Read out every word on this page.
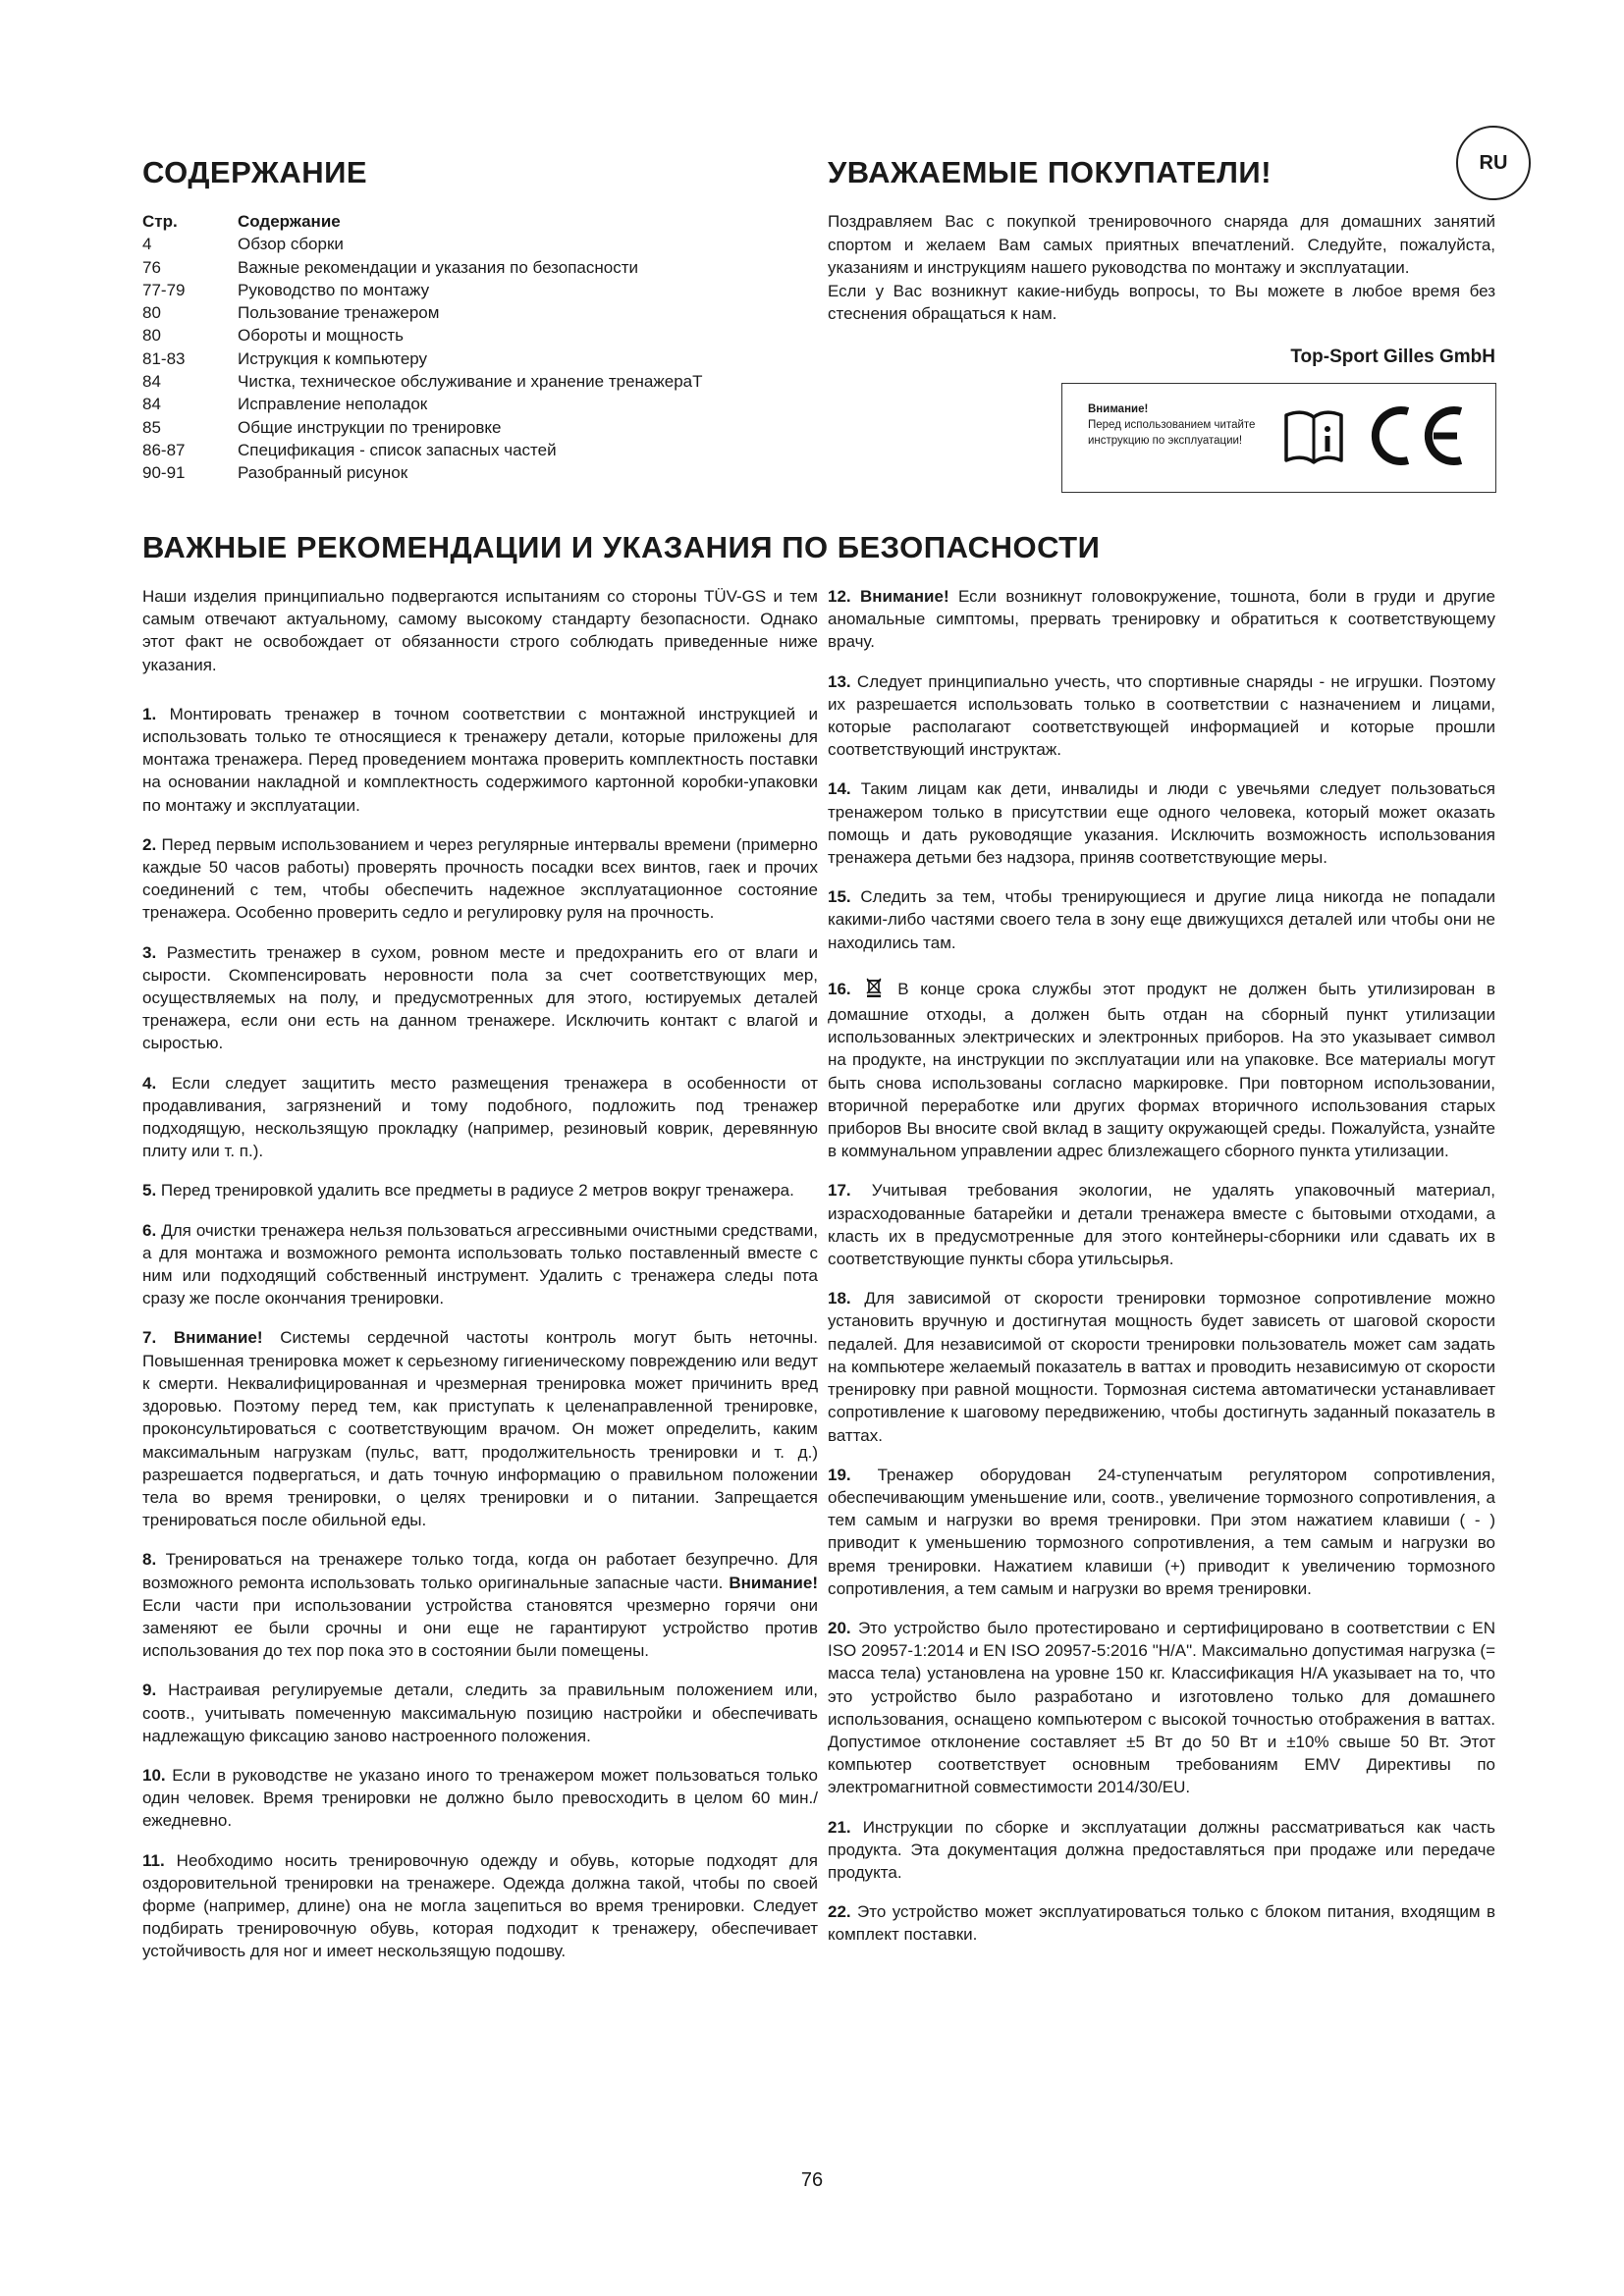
СОДЕРЖАНИЕ
Стр.	Содержание
4	Обзор сборки
76	Важные рекомендации и указания по безопасности
77-79	Руководство по монтажу
80	Пользование тренажером
80	Обороты и мощность
81-83	Иструкция к компьютеру
84	Чистка, техническое обслуживание и хранение тренажераТ
84	Исправление неполадок
85	Общие инструкции по тренировке
86-87	Спецификация - список запасных частей
90-91	Разобранный рисунок
УВАЖАЕМЫЕ ПОКУПАТЕЛИ!	RU
Поздравляем Вас с покупкой тренировочного снаряда для домашних занятий спортом и желаем Вам самых приятных впечатлений. Следуйте, пожалуйста, указаниям и инструкциям нашего руководства по монтажу и эксплуатации.
Если у Вас возникнут какие-нибудь вопросы, то Вы можете в любое время без стеснения обращаться к нам.
Top-Sport Gilles GmbH
Внимание!
Перед использованием читайте инструкцию по эксплуатации!
ВАЖНЫЕ РЕКОМЕНДАЦИИ И УКАЗАНИЯ ПО БЕЗОПАСНОСТИ

Наши изделия принципиально подвергаются испытаниям со стороны TÜV-GS и тем самым отвечают актуальному, самому высокому стандарту безопасности. Однако этот факт не освобождает от обязанности строго соблюдать приведенные ниже указания.

1. Монтировать тренажер в точном соответствии с монтажной инструкцией и использовать только те относящиеся к тренажеру детали, которые приложены для монтажа тренажера. Перед проведением монтажа проверить комплектность поставки на основании накладной и комплектность содержимого картонной коробки-упаковки по монтажу и эксплуатации.

2. Перед первым использованием и через регулярные интервалы времени (примерно каждые 50 часов работы) проверять прочность посадки всех винтов, гаек и прочих соединений с тем, чтобы обеспечить надежное эксплуатационное состояние тренажера. Особенно проверить седло и регулировку руля на прочность.

3. Разместить тренажер в сухом, ровном месте и предохранить его от влаги и сырости. Скомпенсировать неровности пола за счет соответствующих мер, осуществляемых на полу, и предусмотренных для этого, юстируемых деталей тренажера, если они есть на данном тренажере. Исключить контакт с влагой и сыростью.

4. Если следует защитить место размещения тренажера в особенности от продавливания, загрязнений и тому подобного, подложить под тренажер подходящую, нескользящую прокладку (например, резиновый коврик, деревянную плиту или т. п.).

5. Перед тренировкой удалить все предметы в радиусе 2 метров вокруг тренажера.

6. Для очистки тренажера нельзя пользоваться агрессивными очистными средствами, а для монтажа и возможного ремонта использовать только поставленный вместе с ним или подходящий собственный инструмент. Удалить с тренажера следы пота сразу же после окончания тренировки.

7. Внимание! Системы сердечной частоты контроль могут быть неточны. Повышенная тренировка может к серьезному гигиеническому повреждению или ведут к смерти. Неквалифицированная и чрезмерная тренировка может причинить вред здоровью. Поэтому перед тем, как приступать к целенаправленной тренировке, проконсультироваться с соответствующим врачом. Он может определить, каким максимальным нагрузкам (пульс, ватт, продолжительность тренировки и т. д.) разрешается подвергаться, и дать точную информацию о правильном положении тела во время тренировки, о целях тренировки и о питании. Запрещается тренироваться после обильной еды.

8. Тренироваться на тренажере только тогда, когда он работает безупречно. Для возможного ремонта использовать только оригинальные запасные части. Внимание! Если части при использовании устройства становятся чрезмерно горячи они заменяют ее были срочны и они еще не гарантируют устройство против использования до тех пор пока это в состоянии были помещены.

9. Настраивая регулируемые детали, следить за правильным положением или, соотв., учитывать помеченную максимальную позицию настройки и обеспечивать надлежащую фиксацию заново настроенного положения.

10. Если в руководстве не указано иного то тренажером может пользоваться только один человек. Время тренировки не должно было превосходить в целом 60 мин./ежедневно.

11. Необходимо носить тренировочную одежду и обувь, которые подходят для оздоровительной тренировки на тренажере. Одежда должна такой, чтобы по своей форме (например, длине) она не могла зацепиться во время тренировки. Следует подбирать тренировочную обувь, которая подходит к тренажеру, обеспечивает устойчивость для ног и имеет нескользящую подошву.

12. Внимание! Если возникнут головокружение, тошнота, боли в груди и другие аномальные симптомы, прервать тренировку и обратиться к соответствующему врачу.

13. Следует принципиально учесть, что спортивные снаряды - не игрушки. Поэтому их разрешается использовать только в соответствии с назначением и лицами, которые располагают соответствующей информацией и которые прошли соответствующий инструктаж.

14. Таким лицам как дети, инвалиды и люди с увечьями следует пользоваться тренажером только в присутствии еще одного человека, который может оказать помощь и дать руководящие указания. Исключить возможность использования тренажера детьми без надзора, приняв соответствующие меры.

15. Следить за тем, чтобы тренирующиеся и другие лица никогда не попадали какими-либо частями своего тела в зону еще движущихся деталей или чтобы они не находились там.

16.	В конце срока службы этот продукт не должен быть утилизирован в домашние отходы, а должен быть отдан на сборный пункт утилизации использованных электрических и электронных приборов. На это указывает символ на продукте, на инструкции по эксплуатации или на упаковке. Все материалы могут быть снова использованы согласно маркировке. При повторном использовании, вторичной переработке или других формах вторичного использования старых приборов Вы вносите свой вклад в защиту окружающей среды. Пожалуйста, узнайте в коммунальном управлении адрес близлежащего сборного пункта утилизации.

17. Учитывая требования экологии, не удалять упаковочный материал, израсходованные батарейки и детали тренажера вместе с бытовыми отходами, а класть их в предусмотренные для этого контейнеры-сборники или сдавать их в соответствующие пункты сбора утильсырья.

18. Для зависимой от скорости тренировки тормозное сопротивление можно установить вручную и достигнутая мощность будет зависеть от шаговой скорости педалей. Для независимой от скорости тренировки пользователь может сам задать на компьютере желаемый показатель в ваттах и проводить независимую от скорости тренировку при равной мощности. Тормозная система автоматически устанавливает сопротивление к шаговому передвижению, чтобы достигнуть заданный показатель в ваттах.

19. Тренажер оборудован 24-ступенчатым регулятором сопротивления, обеспечивающим уменьшение или, соотв., увеличение тормозного сопротивления, а тем самым и нагрузки во время тренировки. При этом нажатием клавиши ( - ) приводит к уменьшению тормозного сопротивления, а тем самым и нагрузки во время тренировки. Нажатием клавиши (+) приводит к увеличению тормозного сопротивления, а тем самым и нагрузки во время тренировки.

20. Это устройство было протестировано и сертифицировано в соответствии с EN ISO 20957-1:2014 и EN ISO 20957-5:2016 "H/A". Максимально допустимая нагрузка (= масса тела) установлена на уровне 150 кг. Классификация H/A указывает на то, что это устройство было разработано и изготовлено только для домашнего использования, оснащено компьютером с высокой точностью отображения в ваттах. Допустимое отклонение составляет ±5 Вт до 50 Вт и ±10% свыше 50 Вт. Этот компьютер соответствует основным требованиям EMV Директивы по электромагнитной совместимости 2014/30/EU.

21. Инструкции по сборке и эксплуатации должны рассматриваться как часть продукта. Эта документация должна предоставляться при продаже или передаче продукта.

22. Это устройство может эксплуатироваться только с блоком питания, входящим в комплект поставки.

76
